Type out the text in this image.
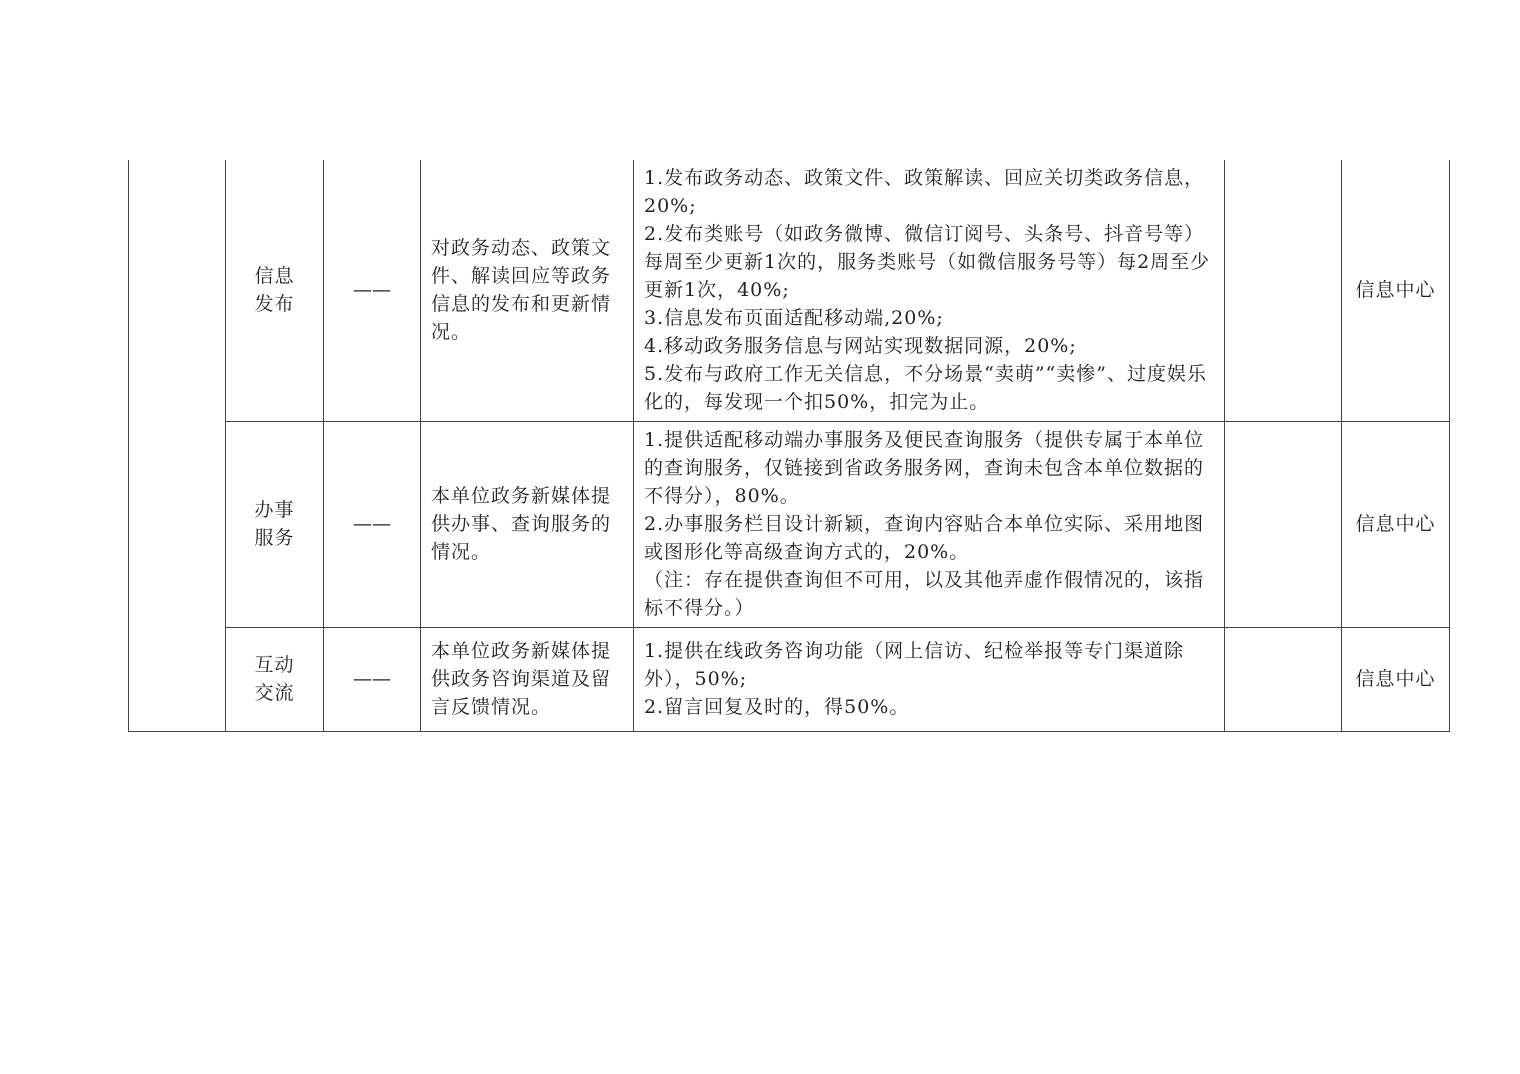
	信息发布	——	对政务动态、政策文件、解读回应等政务信息的发布和更新情况。	1.发布政务动态、政策文件、政策解读、回应关切类政务信息，20%;
2.发布类账号（如政务微博、微信订阅号、头条号、抖音号等）每周至少更新1次的，服务类账号（如微信服务号等）每2周至少更新1次，40%;
3.信息发布页面适配移动端,20%;
4.移动政务服务信息与网站实现数据同源，20%;
5.发布与政府工作无关信息，不分场景“卖萌”“卖惨”、过度娱乐化的，每发现一个扣50%，扣完为止。		信息中心
	办事服务	——	本单位政务新媒体提供办事、查询服务的情况。	1.提供适配移动端办事服务及便民查询服务（提供专属于本单位的查询服务，仅链接到省政务服务网，查询未包含本单位数据的不得分），80%。
2.办事服务栏目设计新颖，查询内容贴合本单位实际、采用地图或图形化等高级查询方式的，20%。
（注：存在提供查询但不可用，以及其他弄虚作假情况的，该指标不得分。）		信息中心
	互动交流	——	本单位政务新媒体提供政务咨询渠道及留言反馈情况。	1.提供在线政务咨询功能（网上信访、纪检举报等专门渠道除外），50%;
2.留言回复及时的，得50%。		信息中心
